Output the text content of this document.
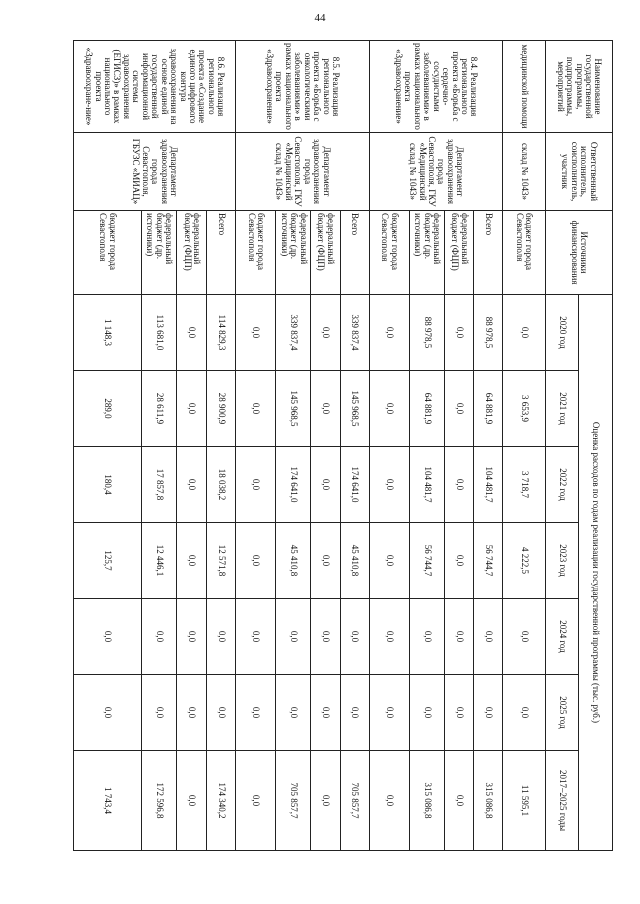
44
Наименование государственной программы, подпрограммы, мероприятий	Ответственный исполнитель, соисполнитель, участник	Источники финансирования	Оценка расходов по годам реализации государственной программы (тыс. руб.)						
			2020 год	2021 год	2022 год	2023 год	2024 год	2025 год	2017–2025 годы
медицинской помощи	склад № 1043»	бюджет города Севастополя	0,0	3 653,9	3 718,7	4 222,5	0,0	0,0	11 595,1
8.4. Реализация регионального проекта «Борьба с сердечно-сосудистыми заболеваниями» в рамках национального проекта «Здравоохранение»	Департамент здравоохранения города Севастополя, ГКУ «Медицинский склад № 1043»	Всего	88 978,5	64 881,9	104 481,7	56 744,7	0,0	0,0	315 086,8
		федеральный бюджет (ФЦП)	0,0	0,0	0,0	0,0	0,0	0,0	0,0
		федеральный бюджет (др. источники)	88 978,5	64 881,9	104 481,7	56 744,7	0,0	0,0	315 086,8
		бюджет города Севастополя	0,0	0,0	0,0	0,0	0,0	0,0	0,0
8.5. Реализация регионального проекта «Борьба с онкологическими заболеваниями» в рамках национального проекта «Здравоохранение»	Департамент здравоохранения города Севастополя, ГКУ «Медицинский склад № 1043»	Всего	339 837,4	145 968,5	174 641,0	45 410,8	0,0	0,0	705 857,7
		федеральный бюджет (ФЦП)	0,0	0,0	0,0	0,0	0,0	0,0	0,0
		федеральный бюджет (др. источники)	339 837,4	145 968,5	174 641,0	45 410,8	0,0	0,0	705 857,7
		бюджет города Севастополя	0,0	0,0	0,0	0,0	0,0	0,0	0,0
8.6. Реализация регионального проекта «Создание единого цифрового контура здравоохранения на основе единой государственной информационной системы здравоохранения (ЕГИСЗ)» в рамках национального проекта «Здравоохране-ние»	Департамент здравоохранения города Севастополя, ГБУЗС «МИАЦ»	Всего	114 829,3	28 900,9	18 038,2	12 571,8	0,0	0,0	174 340,2
		федеральный бюджет (ФЦП)	0,0	0,0	0,0	0,0	0,0	0,0	0,0
		федеральный бюджет (др. источники)	113 681,0	28 611,9	17 857,8	12 446,1	0,0	0,0	172 596,8
		бюджет города Севастополя	1 148,3	289,0	180,4	125,7	0,0	0,0	1 743,4
